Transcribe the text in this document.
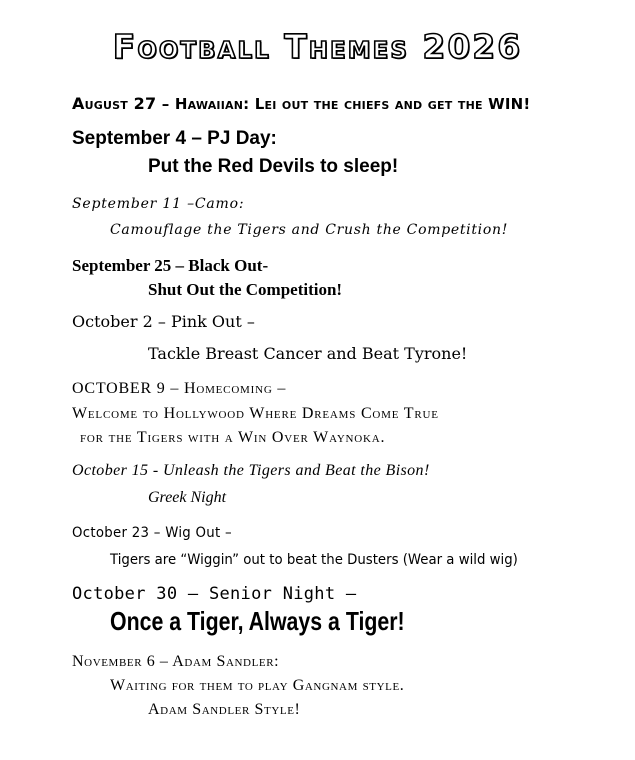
Football Themes 2026
August 27 – Hawaiian: Lei out the chiefs and get the WIN!
September 4 – PJ Day:
Put the Red Devils to sleep!
September 11 –Camo:
Camouflage the Tigers and Crush the Competition!
September 25 – Black Out-
Shut Out the Competition!
October 2 – Pink Out –
Tackle Breast Cancer and Beat Tyrone!
OCTOBER 9 – Homecoming –
Welcome to Hollywood Where Dreams Come True
for the Tigers with a Win Over Waynoka.
October 15 - Unleash the Tigers and Beat the Bison!
Greek Night
October 23 – Wig Out –
Tigers are “Wiggin” out to beat the Dusters (Wear a wild wig)
October 30 – Senior Night –
Once a Tiger, Always a Tiger!
November 6 – Adam Sandler:
Waiting for them to play Gangnam style.
Adam Sandler Style!
